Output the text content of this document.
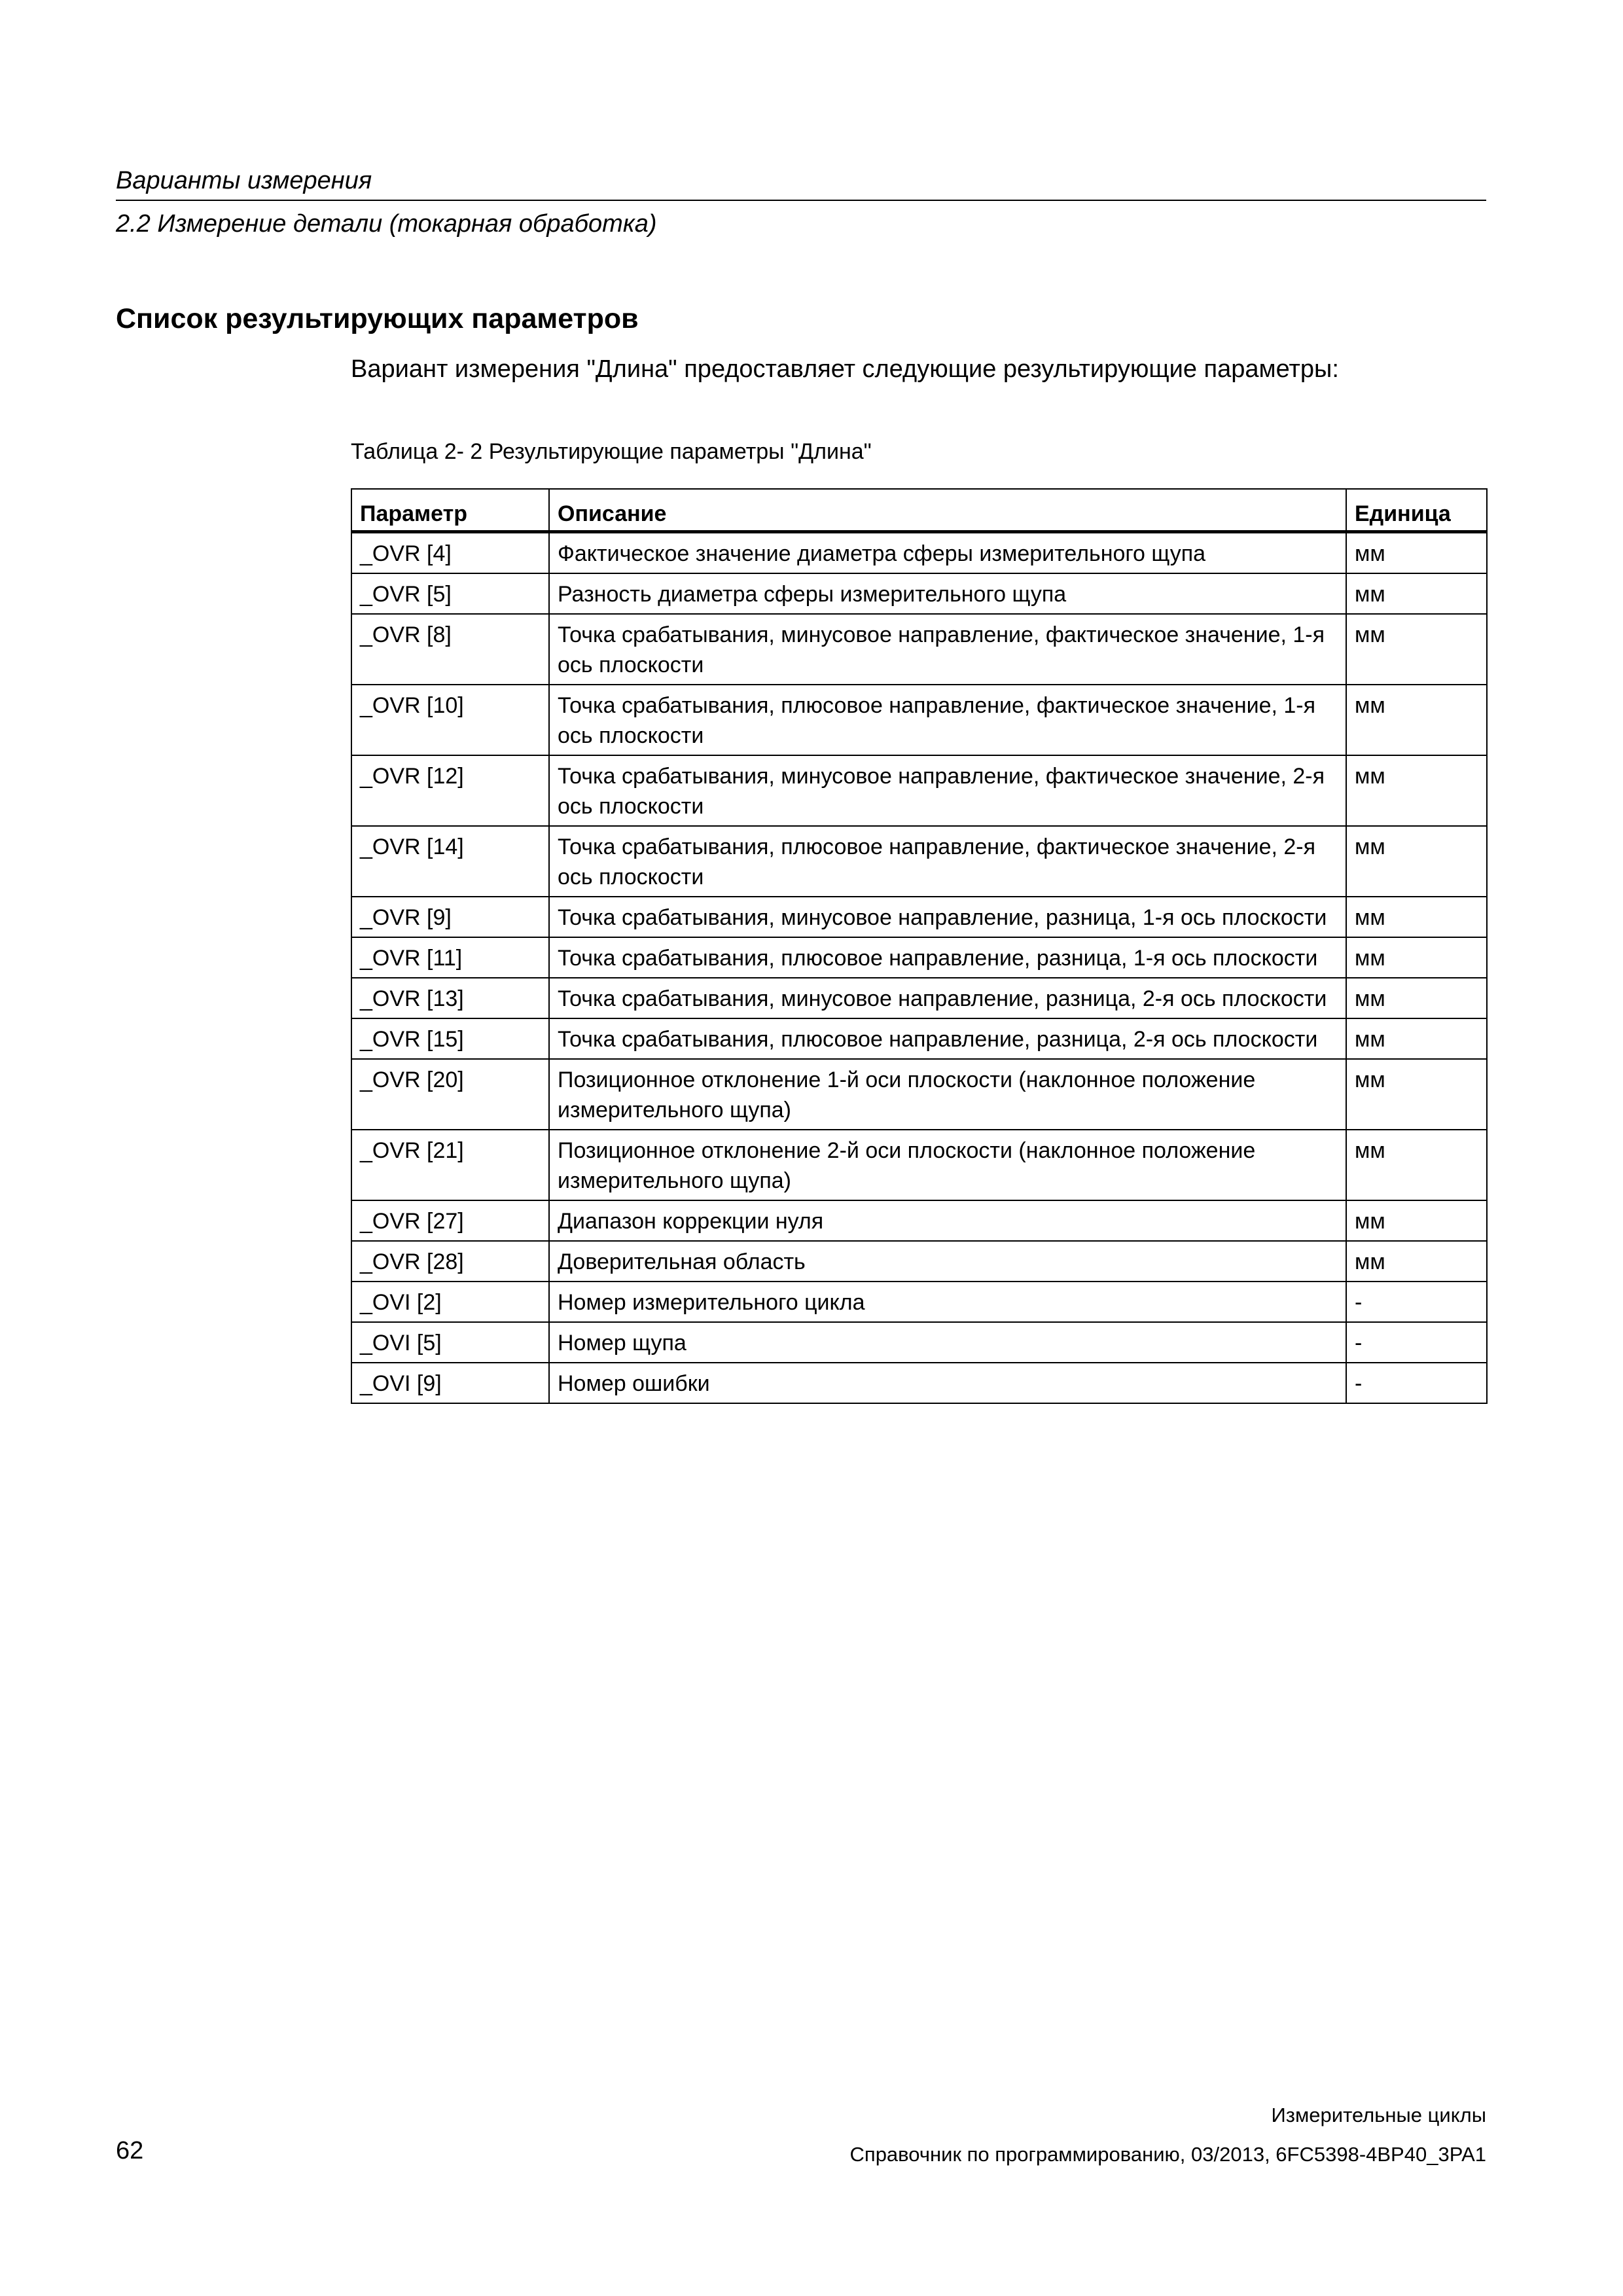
Варианты измерения
2.2 Измерение детали (токарная обработка)
Список результирующих параметров

Вариант измерения "Длина" предоставляет следующие результирующие параметры:

Таблица 2- 2 Результирующие параметры "Длина"

Параметр	Описание	Единица
_OVR [4]	Фактическое значение диаметра сферы измерительного щупа	мм
_OVR [5]	Разность диаметра сферы измерительного щупа	мм
_OVR [8]	Точка срабатывания, минусовое направление, фактическое значение, 1-я ось плоскости	мм
_OVR [10]	Точка срабатывания, плюсовое направление, фактическое значение, 1-я ось плоскости	мм
_OVR [12]	Точка срабатывания, минусовое направление, фактическое значение, 2-я ось плоскости	мм
_OVR [14]	Точка срабатывания, плюсовое направление, фактическое значение, 2-я ось плоскости	мм
_OVR [9]	Точка срабатывания, минусовое направление, разница, 1-я ось плоскости	мм
_OVR [11]	Точка срабатывания, плюсовое направление, разница, 1-я ось плоскости	мм
_OVR [13]	Точка срабатывания, минусовое направление, разница, 2-я ось плоскости	мм
_OVR [15]	Точка срабатывания, плюсовое направление, разница, 2-я ось плоскости	мм
_OVR [20]	Позиционное отклонение 1-й оси плоскости (наклонное положение измерительного щупа)	мм
_OVR [21]	Позиционное отклонение 2-й оси плоскости (наклонное положение измерительного щупа)	мм
_OVR [27]	Диапазон коррекции нуля	мм
_OVR [28]	Доверительная область	мм
_OVI [2]	Номер измерительного цикла	-
_OVI [5]	Номер щупа	-
_OVI [9]	Номер ошибки	-
Измерительные циклы
Справочник по программированию, 03/2013, 6FC5398-4BP40_3PA1
62
